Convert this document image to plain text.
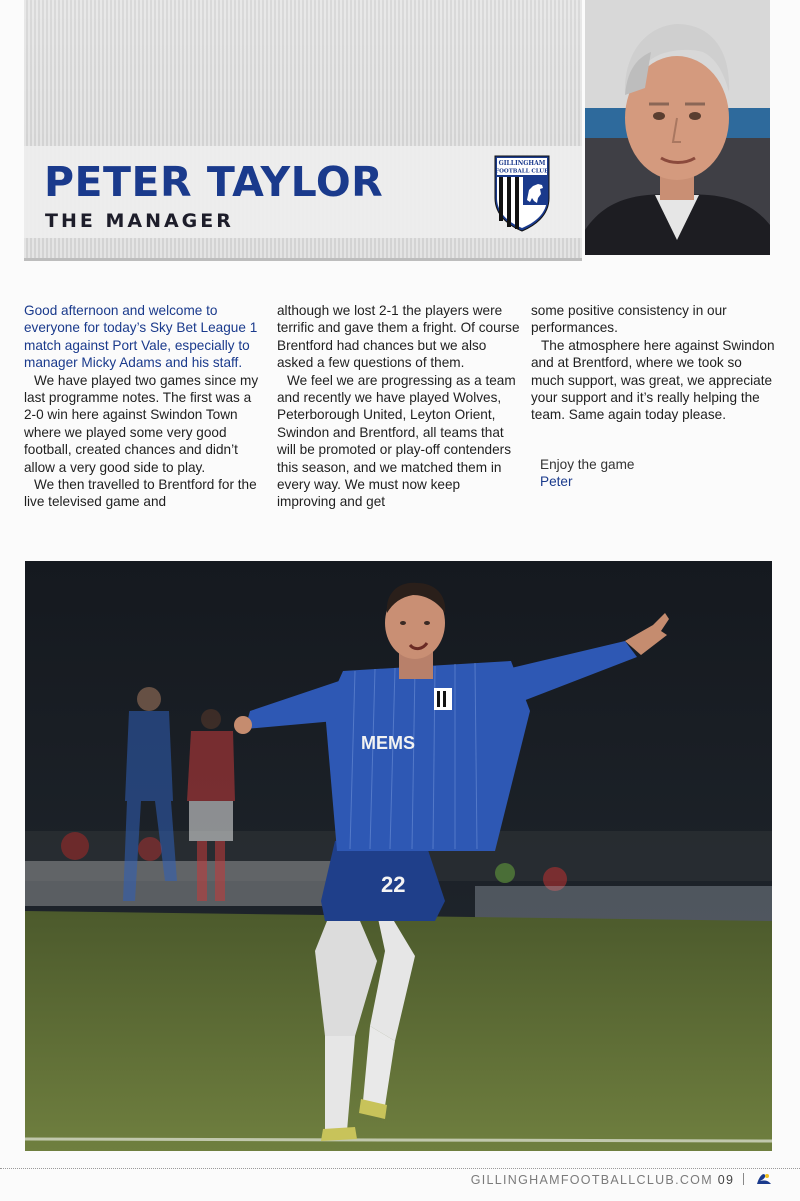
PETER TAYLOR
THE MANAGER
GILLINGHAM
FOOTBALL CLUB

Good afternoon and welcome to everyone for today’s Sky Bet League 1 match against Port Vale, especially to manager Micky Adams and his staff.

We have played two games since my last programme notes. The first was a 2-0 win here against Swindon Town where we played some very good football, created chances and didn’t allow a very good side to play.

We then travelled to Brentford for the live televised game and

although we lost 2-1 the players were terrific and gave them a fright. Of course Brentford had chances but we also asked a few questions of them.

We feel we are progressing as a team and recently we have played Wolves, Peterborough United, Leyton Orient, Swindon and Brentford, all teams that will be promoted or play-off contenders this season, and we matched them in every way. We must now keep improving and get

some positive consistency in our performances.

The atmosphere here against Swindon and at Brentford, where we took so much support, was great, we appreciate your support and it’s really helping the team. Same again today please.

Enjoy the game

Peter

MEMS
22
GILLINGHAMFOOTBALLCLUB.COM 09
